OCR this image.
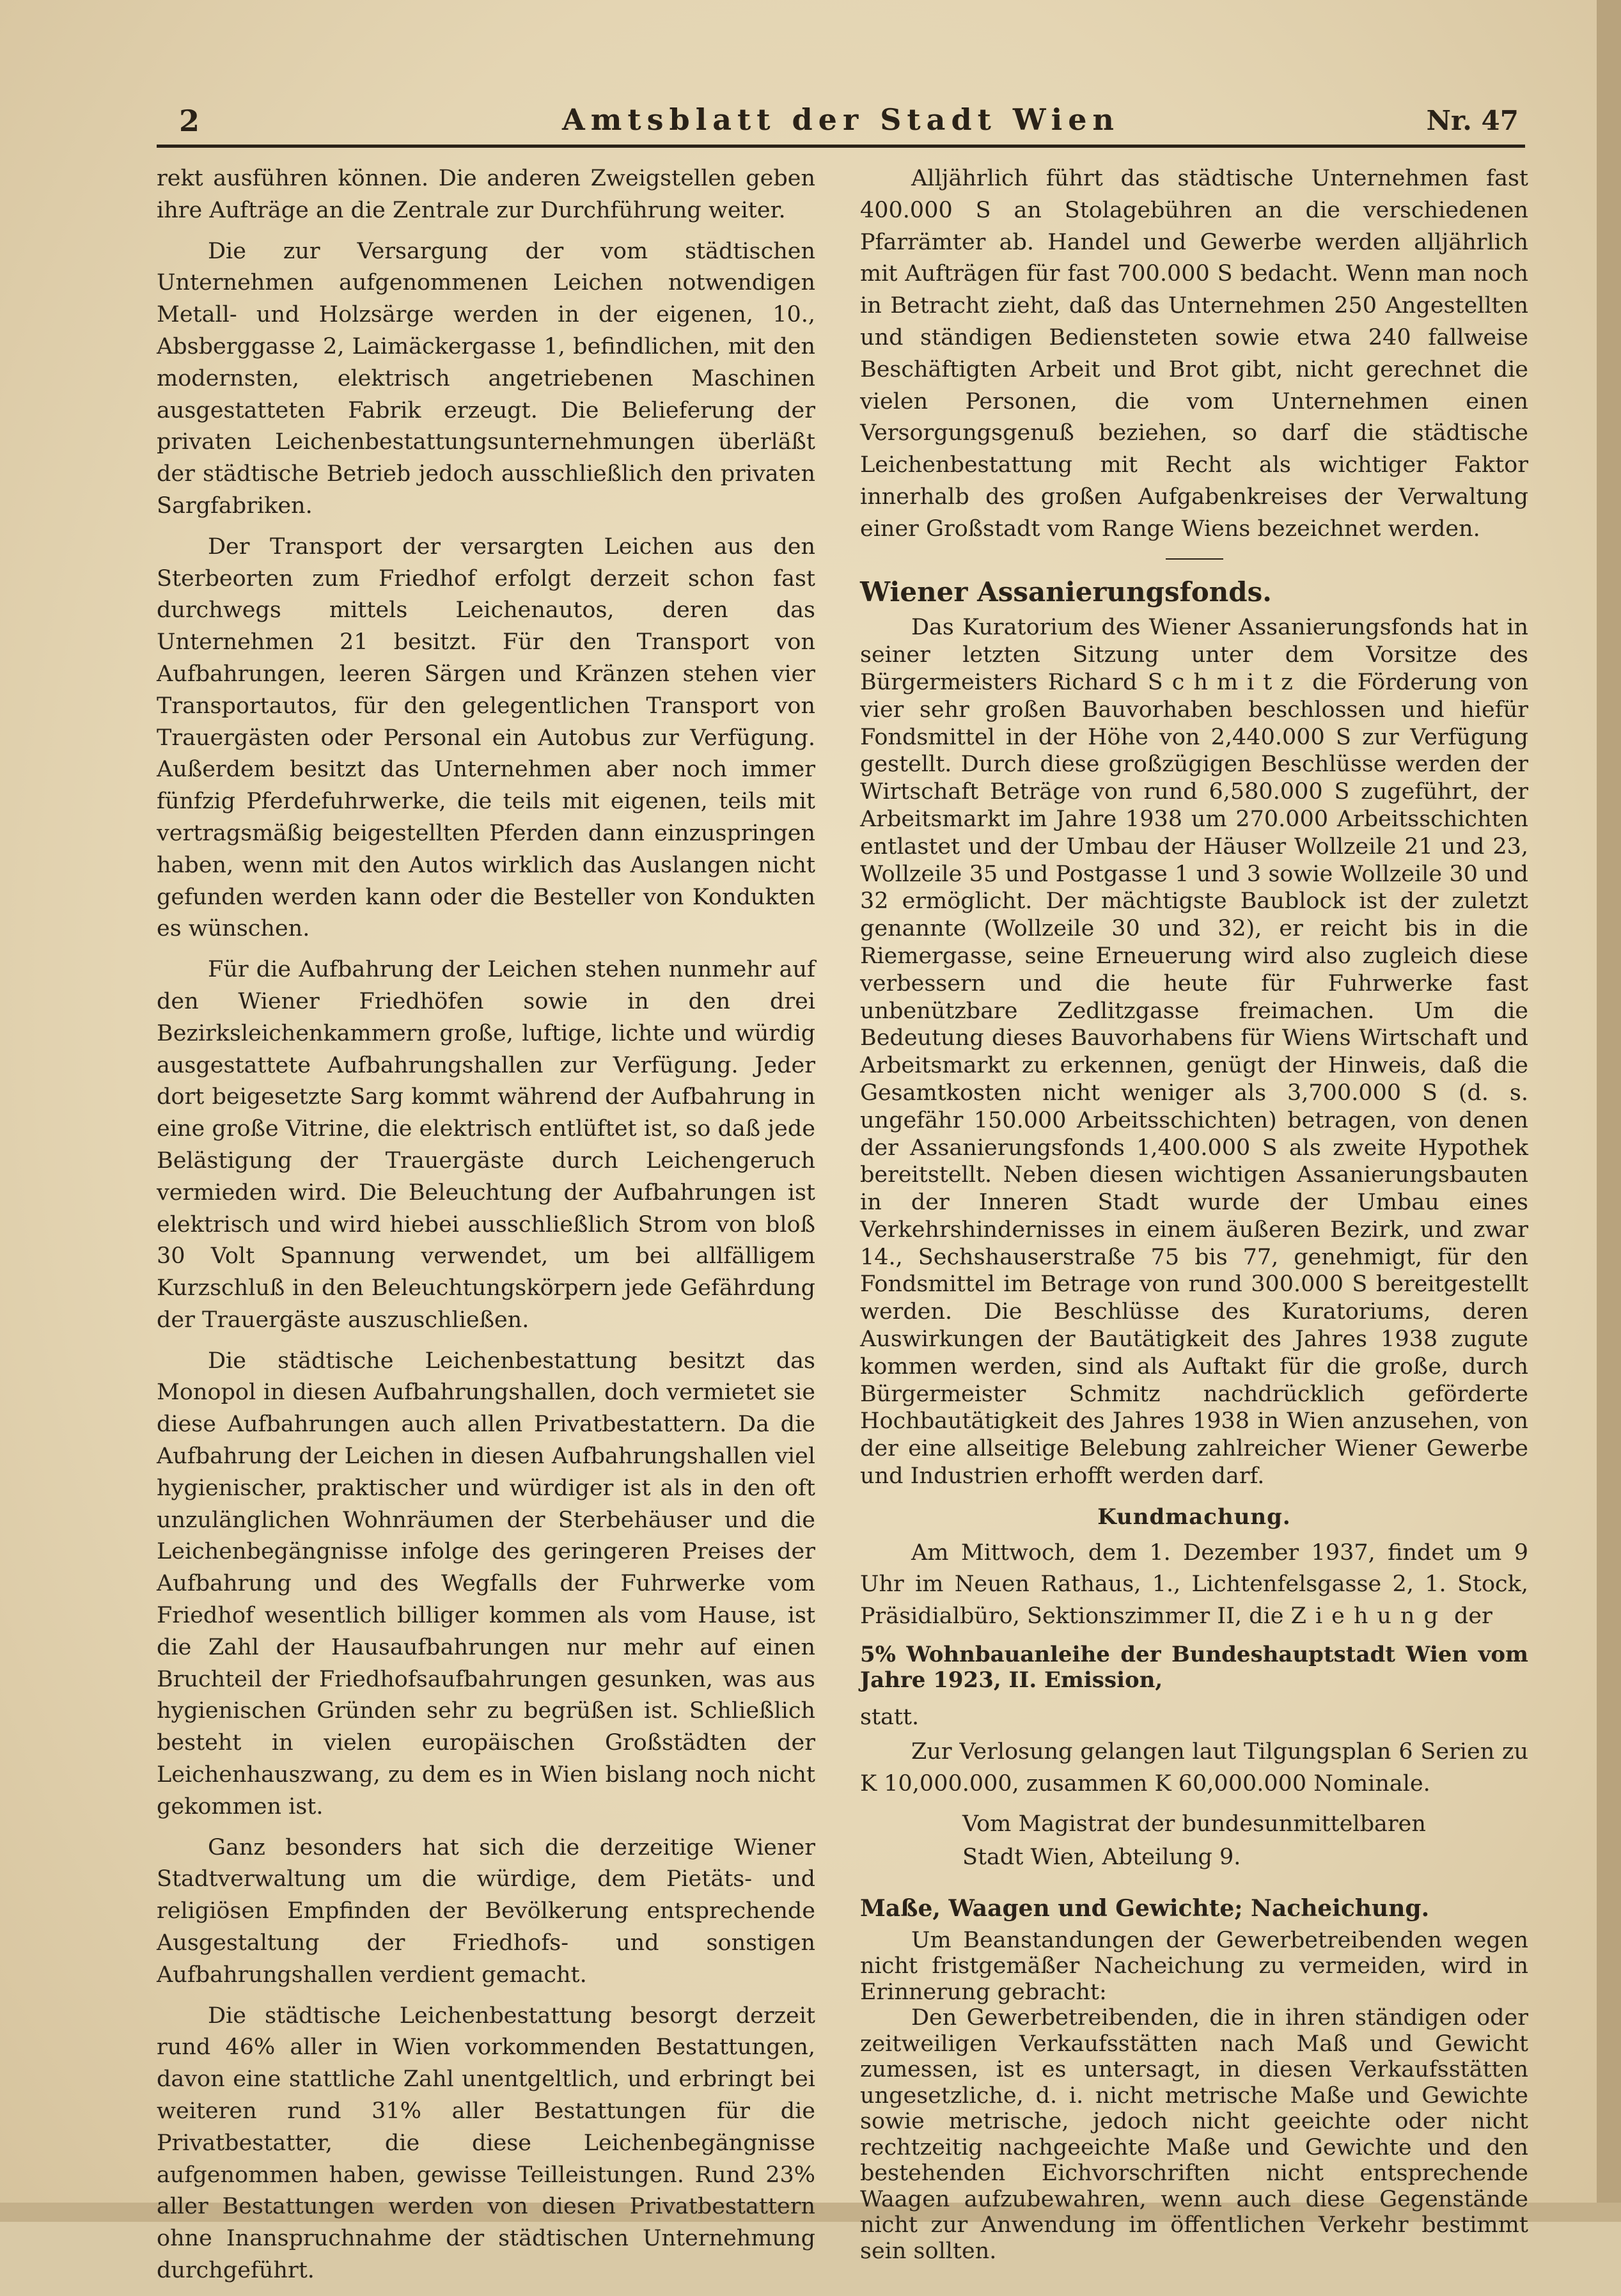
2	Amtsblatt der Stadt Wien	Nr. 47

rekt ausführen können. Die anderen Zweigstellen geben ihre Aufträge an die Zentrale zur Durchführung weiter.

Die zur Versargung der vom städtischen Unternehmen aufgenommenen Leichen notwendigen Metall- und Holzsärge werden in der eigenen, 10., Absberggasse 2, Laimäckergasse 1, befindlichen, mit den modernsten, elektrisch angetriebenen Maschinen ausgestatteten Fabrik erzeugt. Die Belieferung der privaten Leichenbestattungsunternehmungen überläßt der städtische Betrieb jedoch ausschließlich den privaten Sargfabriken.

Der Transport der versargten Leichen aus den Sterbeorten zum Friedhof erfolgt derzeit schon fast durchwegs mittels Leichenautos, deren das Unternehmen 21 besitzt. Für den Transport von Aufbahrungen, leeren Särgen und Kränzen stehen vier Transportautos, für den gelegentlichen Transport von Trauergästen oder Personal ein Autobus zur Verfügung. Außerdem besitzt das Unternehmen aber noch immer fünfzig Pferdefuhrwerke, die teils mit eigenen, teils mit vertragsmäßig beigestellten Pferden dann einzuspringen haben, wenn mit den Autos wirklich das Auslangen nicht gefunden werden kann oder die Besteller von Kondukten es wünschen.

Für die Aufbahrung der Leichen stehen nunmehr auf den Wiener Friedhöfen sowie in den drei Bezirksleichenkammern große, luftige, lichte und würdig ausgestattete Aufbahrungshallen zur Verfügung. Jeder dort beigesetzte Sarg kommt während der Aufbahrung in eine große Vitrine, die elektrisch entlüftet ist, so daß jede Belästigung der Trauergäste durch Leichengeruch vermieden wird. Die Beleuchtung der Aufbahrungen ist elektrisch und wird hiebei ausschließlich Strom von bloß 30 Volt Spannung verwendet, um bei allfälligem Kurzschluß in den Beleuchtungskörpern jede Gefährdung der Trauergäste auszuschließen.

Die städtische Leichenbestattung besitzt das Monopol in diesen Aufbahrungshallen, doch vermietet sie diese Aufbahrungen auch allen Privatbestattern. Da die Aufbahrung der Leichen in diesen Aufbahrungshallen viel hygienischer, praktischer und würdiger ist als in den oft unzulänglichen Wohnräumen der Sterbehäuser und die Leichenbegängnisse infolge des geringeren Preises der Aufbahrung und des Wegfalls der Fuhrwerke vom Friedhof wesentlich billiger kommen als vom Hause, ist die Zahl der Hausaufbahrungen nur mehr auf einen Bruchteil der Friedhofsaufbahrungen gesunken, was aus hygienischen Gründen sehr zu begrüßen ist. Schließlich besteht in vielen europäischen Großstädten der Leichenhauszwang, zu dem es in Wien bislang noch nicht gekommen ist.

Ganz besonders hat sich die derzeitige Wiener Stadtverwaltung um die würdige, dem Pietäts- und religiösen Empfinden der Bevölkerung entsprechende Ausgestaltung der Friedhofs- und sonstigen Aufbahrungshallen verdient gemacht.

Die städtische Leichenbestattung besorgt derzeit rund 46% aller in Wien vorkommenden Bestattungen, davon eine stattliche Zahl unentgeltlich, und erbringt bei weiteren rund 31% aller Bestattungen für die Privatbestatter, die diese Leichenbegängnisse aufgenommen haben, gewisse Teilleistungen. Rund 23% aller Bestattungen werden von diesen Privatbestattern ohne Inanspruchnahme der städtischen Unternehmung durchgeführt.

Alljährlich führt das städtische Unternehmen fast 400.000 S an Stolagebühren an die verschiedenen Pfarrämter ab. Handel und Gewerbe werden alljährlich mit Aufträgen für fast 700.000 S bedacht. Wenn man noch in Betracht zieht, daß das Unternehmen 250 Angestellten und ständigen Bediensteten sowie etwa 240 fallweise Beschäftigten Arbeit und Brot gibt, nicht gerechnet die vielen Personen, die vom Unternehmen einen Versorgungsgenuß beziehen, so darf die städtische Leichenbestattung mit Recht als wichtiger Faktor innerhalb des großen Aufgabenkreises der Verwaltung einer Großstadt vom Range Wiens bezeichnet werden.

Wiener Assanierungsfonds.

Das Kuratorium des Wiener Assanierungsfonds hat in seiner letzten Sitzung unter dem Vorsitze des Bürgermeisters Richard Schmitz die Förderung von vier sehr großen Bauvorhaben beschlossen und hiefür Fondsmittel in der Höhe von 2,440.000 S zur Verfügung gestellt. Durch diese großzügigen Beschlüsse werden der Wirtschaft Beträge von rund 6,580.000 S zugeführt, der Arbeitsmarkt im Jahre 1938 um 270.000 Arbeitsschichten entlastet und der Umbau der Häuser Wollzeile 21 und 23, Wollzeile 35 und Postgasse 1 und 3 sowie Wollzeile 30 und 32 ermöglicht. Der mächtigste Baublock ist der zuletzt genannte (Wollzeile 30 und 32), er reicht bis in die Riemergasse, seine Erneuerung wird also zugleich diese verbessern und die heute für Fuhrwerke fast unbenützbare Zedlitzgasse freimachen. Um die Bedeutung dieses Bauvorhabens für Wiens Wirtschaft und Arbeitsmarkt zu erkennen, genügt der Hinweis, daß die Gesamtkosten nicht weniger als 3,700.000 S (d. s. ungefähr 150.000 Arbeitsschichten) betragen, von denen der Assanierungsfonds 1,400.000 S als zweite Hypothek bereitstellt. Neben diesen wichtigen Assanierungsbauten in der Inneren Stadt wurde der Umbau eines Verkehrshindernisses in einem äußeren Bezirk, und zwar 14., Sechshauserstraße 75 bis 77, genehmigt, für den Fondsmittel im Betrage von rund 300.000 S bereitgestellt werden. Die Beschlüsse des Kuratoriums, deren Auswirkungen der Bautätigkeit des Jahres 1938 zugute kommen werden, sind als Auftakt für die große, durch Bürgermeister Schmitz nachdrücklich geförderte Hochbautätigkeit des Jahres 1938 in Wien anzusehen, von der eine allseitige Belebung zahlreicher Wiener Gewerbe und Industrien erhofft werden darf.

Kundmachung.

Am Mittwoch, dem 1. Dezember 1937, findet um 9 Uhr im Neuen Rathaus, 1., Lichtenfelsgasse 2, 1. Stock, Präsidialbüro, Sektionszimmer II, die Ziehung der

5% Wohnbauanleihe der Bundeshauptstadt Wien vom Jahre 1923, II. Emission,

statt.

Zur Verlosung gelangen laut Tilgungsplan 6 Serien zu K 10,000.000, zusammen K 60,000.000 Nominale.

Vom Magistrat der bundesunmittelbaren

Stadt Wien, Abteilung 9.

Maße, Waagen und Gewichte; Nacheichung.

Um Beanstandungen der Gewerbetreibenden wegen nicht fristgemäßer Nacheichung zu vermeiden, wird in Erinnerung gebracht:

Den Gewerbetreibenden, die in ihren ständigen oder zeitweiligen Verkaufsstätten nach Maß und Gewicht zumessen, ist es untersagt, in diesen Verkaufsstätten ungesetzliche, d. i. nicht metrische Maße und Gewichte sowie metrische, jedoch nicht geeichte oder nicht rechtzeitig nachgeeichte Maße und Gewichte und den bestehenden Eichvorschriften nicht entsprechende Waagen aufzubewahren, wenn auch diese Gegenstände nicht zur Anwendung im öffentlichen Verkehr bestimmt sein sollten.
